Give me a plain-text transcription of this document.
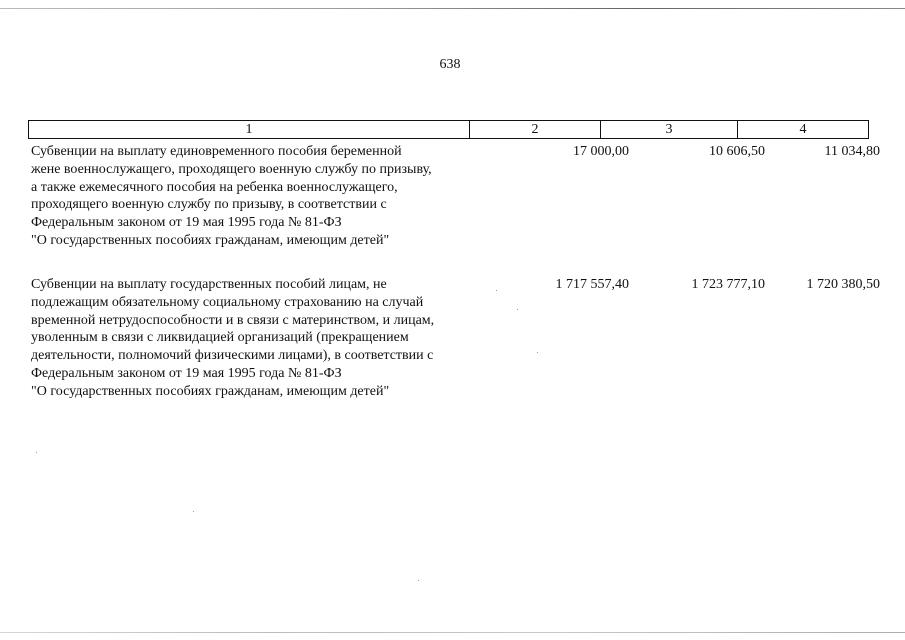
638
1	2	3	4
Субвенции на выплату единовременного пособия беременной
жене военнослужащего, проходящего военную службу по призыву,
а также ежемесячного пособия на ребенка военнослужащего,
проходящего военную службу по призыву, в соответствии с
Федеральным законом от 19 мая 1995 года № 81-ФЗ
"О государственных пособиях гражданам, имеющим детей"
17 000,00	10 606,50	11 034,80
Субвенции на выплату государственных пособий лицам, не
подлежащим обязательному социальному страхованию на случай
временной нетрудоспособности и в связи с материнством, и лицам,
уволенным в связи с ликвидацией организаций (прекращением
деятельности, полномочий физическими лицами), в соответствии с
Федеральным законом от 19 мая 1995 года № 81-ФЗ
"О государственных пособиях гражданам, имеющим детей"
1 717 557,40	1 723 777,10	1 720 380,50
